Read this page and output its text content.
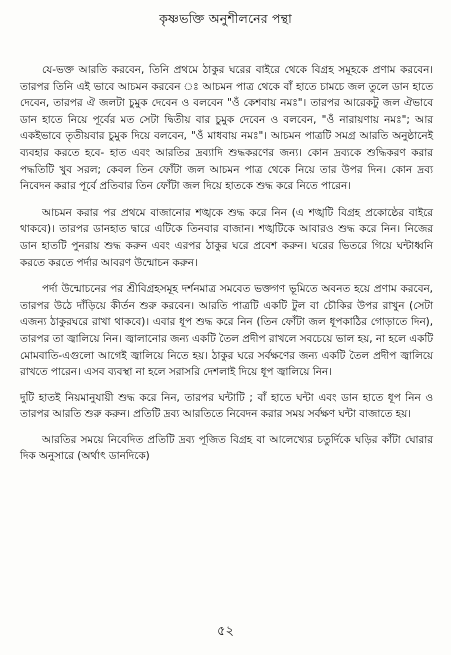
কৃষ্ণভক্তি অনুশীলনের পন্থা

যে-ভক্ত আরতি করবেন, তিনি প্রথমে ঠাকুর ঘরের বাইরে থেকে বিগ্রহ সমূহকে প্রণাম করবেন। তারপর তিনি এই ভাবে আচমন করবেন ঃ আচমন পাত্র থেকে বাঁ হাতে চামচে জল তুলে ডান হাতে দেবেন, তারপর ঐ জলটা চুমুক দেবেন ও বলবেন "ওঁ কেশবায় নমঃ"। তারপর আরেকটু জল ঐভাবে ডান হাতে নিয়ে পূর্বের মত সেটা দ্বিতীয় বার চুমুক দেবেন ও বলবেন, "ওঁ নারায়ণায় নমঃ"; আর একইভাবে তৃতীয়বার চুমুক দিয়ে বলবেন, "ওঁ মাধবায় নমঃ"। আচমন পাত্রটি সমগ্র আরতি অনুষ্ঠানেই ব্যবহার করতে হবে- হাত এবং আরতির দ্রব্যাদি শুদ্ধকরণের জন্য। কোন দ্রব্যকে শুদ্ধিকরণ করার পদ্ধতিটি খুব সরল; কেবল তিন ফোঁটা জল আচমন পাত্র থেকে নিয়ে তার উপর দিন। কোন দ্রব্য নিবেদন করার পূর্বে প্রতিবার তিন ফোঁটা জল দিয়ে হাতকে শুদ্ধ করে নিতে পারেন।

আচমন করার পর প্রথমে বাজানোর শঙ্খকে শুদ্ধ করে নিন (এ শঙ্খটি বিগ্রহ প্রকোষ্ঠের বাইরে থাকবে)। তারপর ডানহাত দ্বারে এটিকে তিনবার বাজান। শঙ্খটিকে আবারও শুদ্ধ করে নিন। নিজের ডান হাতটি পুনরায় শুদ্ধ করুন এবং এরপর ঠাকুর ঘরে প্রবেশ করুন। ঘরের ভিতরে গিয়ে ঘন্টাধ্বনি করতে করতে পর্দার আবরণ উন্মোচন করুন।

পর্দা উন্মোচনের পর শ্রীবিগ্রহসমূহ দর্শনমাত্র সমবেত ভক্তগণ ভূমিতে অবনত হয়ে প্রণাম করবেন, তারপর উঠে দাঁড়িয়ে কীর্তন শুরু করবেন। আরতি পাত্রটি একটি টুল বা চৌকির উপর রাখুন (সেটা এজন্য ঠাকুরঘরে রাখা থাকবে)। এবার ধূপ শুদ্ধ করে নিন (তিন ফোঁটা জল ধূপকাঠির গোড়াতে দিন), তারপর তা জ্বালিয়ে নিন। জ্বালানোর জন্য একটি তৈল প্রদীপ রাখলে সবচেয়ে ভাল হয়, না হলে একটি মোমবাতি-এগুলো আগেই জ্বালিয়ে নিতে হয়। ঠাকুর ঘরে সর্বক্ষণের জন্য একটি তৈল প্রদীপ জ্বালিয়ে রাখতে পারেন। এসব ব্যবস্থা না হলে সরাসরি দেশলাই দিয়ে ধূপ জ্বালিয়ে নিন।

দুটি হাতই নিয়মানুযায়ী শুদ্ধ করে নিন, তারপর ঘন্টাটি ; বাঁ হাতে ঘন্টা এবং ডান হাতে ধূপ নিন ও তারপর আরতি শুরু করুন। প্রতিটি দ্রব্য আরতিতে নিবেদন করার সময় সর্বক্ষণ ঘন্টা বাজাতে হয়।

আরতির সময়ে নিবেদিত প্রতিটি দ্রব্য পূজিত বিগ্রহ বা আলেখ্যের চতুর্দিকে ঘড়ির কাঁটা ঘোরার দিক অনুসারে (অর্থাৎ ডানদিকে)

৫২
